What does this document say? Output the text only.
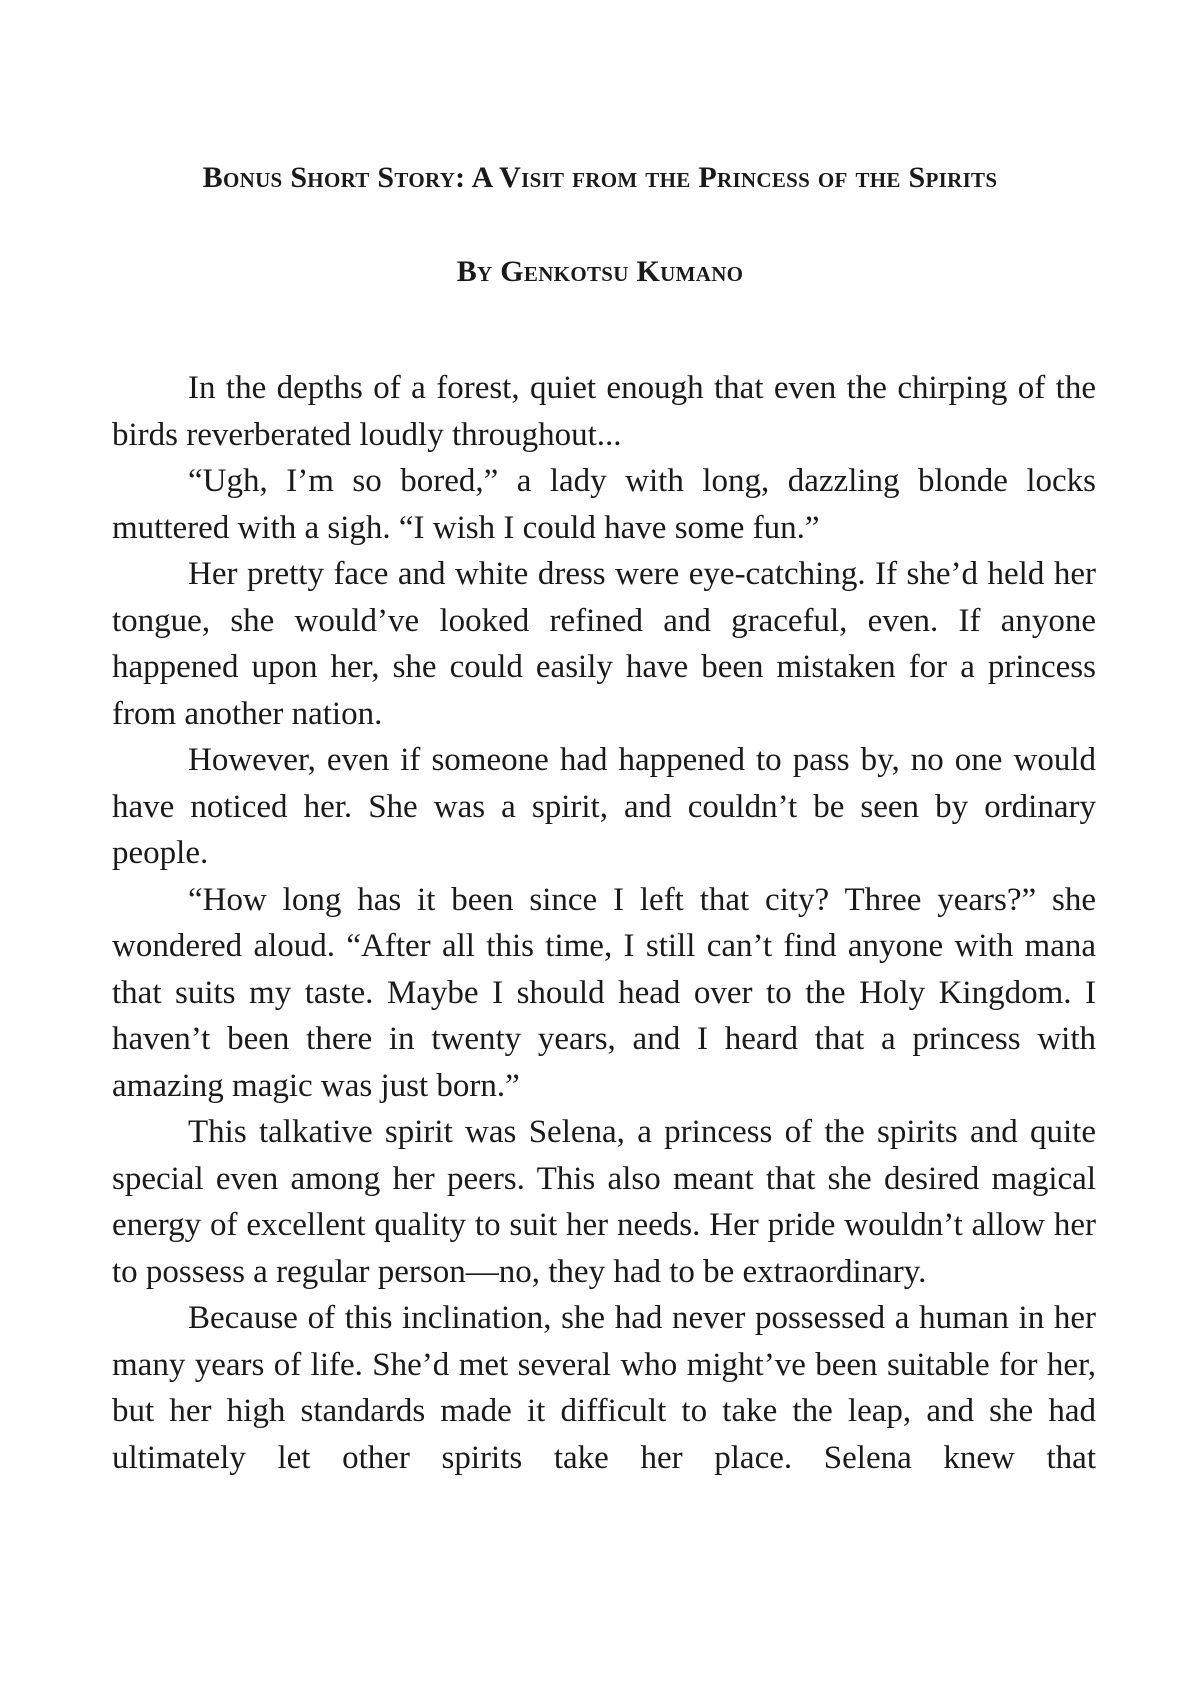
Bonus Short Story: A Visit from the Princess of the Spirits
By Genkotsu Kumano

In the depths of a forest, quiet enough that even the chirping of the birds reverberated loudly throughout...

“Ugh, I’m so bored,” a lady with long, dazzling blonde locks muttered with a sigh. “I wish I could have some fun.”

Her pretty face and white dress were eye-catching. If she’d held her tongue, she would’ve looked refined and graceful, even. If anyone happened upon her, she could easily have been mistaken for a princess from another nation.

However, even if someone had happened to pass by, no one would have noticed her. She was a spirit, and couldn’t be seen by ordinary people.

“How long has it been since I left that city? Three years?” she wondered aloud. “After all this time, I still can’t find anyone with mana that suits my taste. Maybe I should head over to the Holy Kingdom. I haven’t been there in twenty years, and I heard that a princess with amazing magic was just born.”

This talkative spirit was Selena, a princess of the spirits and quite special even among her peers. This also meant that she desired magical energy of excellent quality to suit her needs. Her pride wouldn’t allow her to possess a regular person—no, they had to be extraordinary.

Because of this inclination, she had never possessed a human in her many years of life. She’d met several who might’ve been suitable for her, but her high standards made it difficult to take the leap, and she had ultimately let other spirits take her place. Selena knew that
